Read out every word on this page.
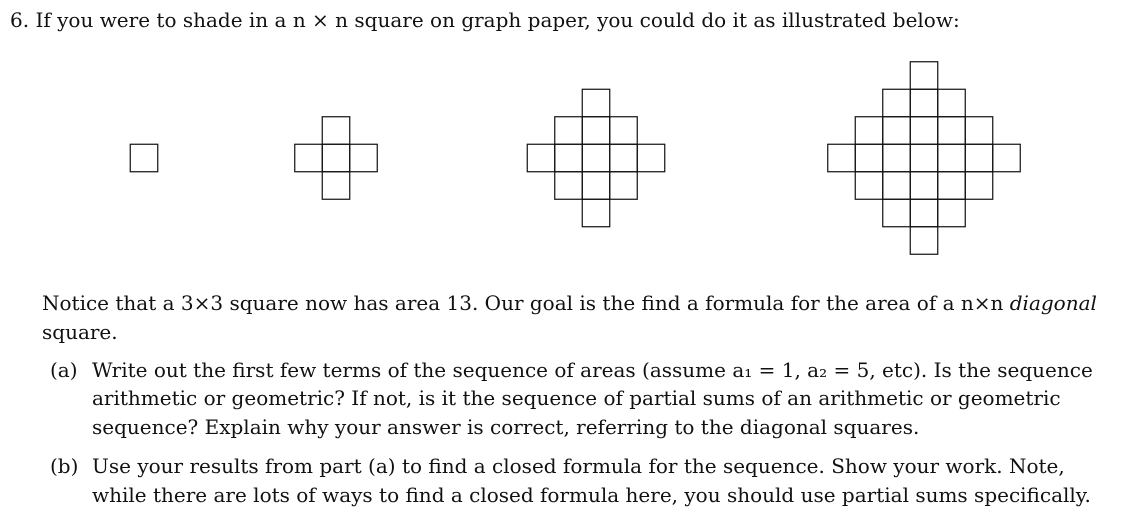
6. If you were to shade in a n × n square on graph paper, you could do it as illustrated below:
Notice that a 3×3 square now has area 13. Our goal is the find a formula for the area of a n×n diagonal
square.
(a) Write out the first few terms of the sequence of areas (assume a₁ = 1, a₂ = 5, etc). Is the sequence
arithmetic or geometric? If not, is it the sequence of partial sums of an arithmetic or geometric
sequence? Explain why your answer is correct, referring to the diagonal squares.
(b) Use your results from part (a) to find a closed formula for the sequence. Show your work. Note,
while there are lots of ways to find a closed formula here, you should use partial sums specifically.
